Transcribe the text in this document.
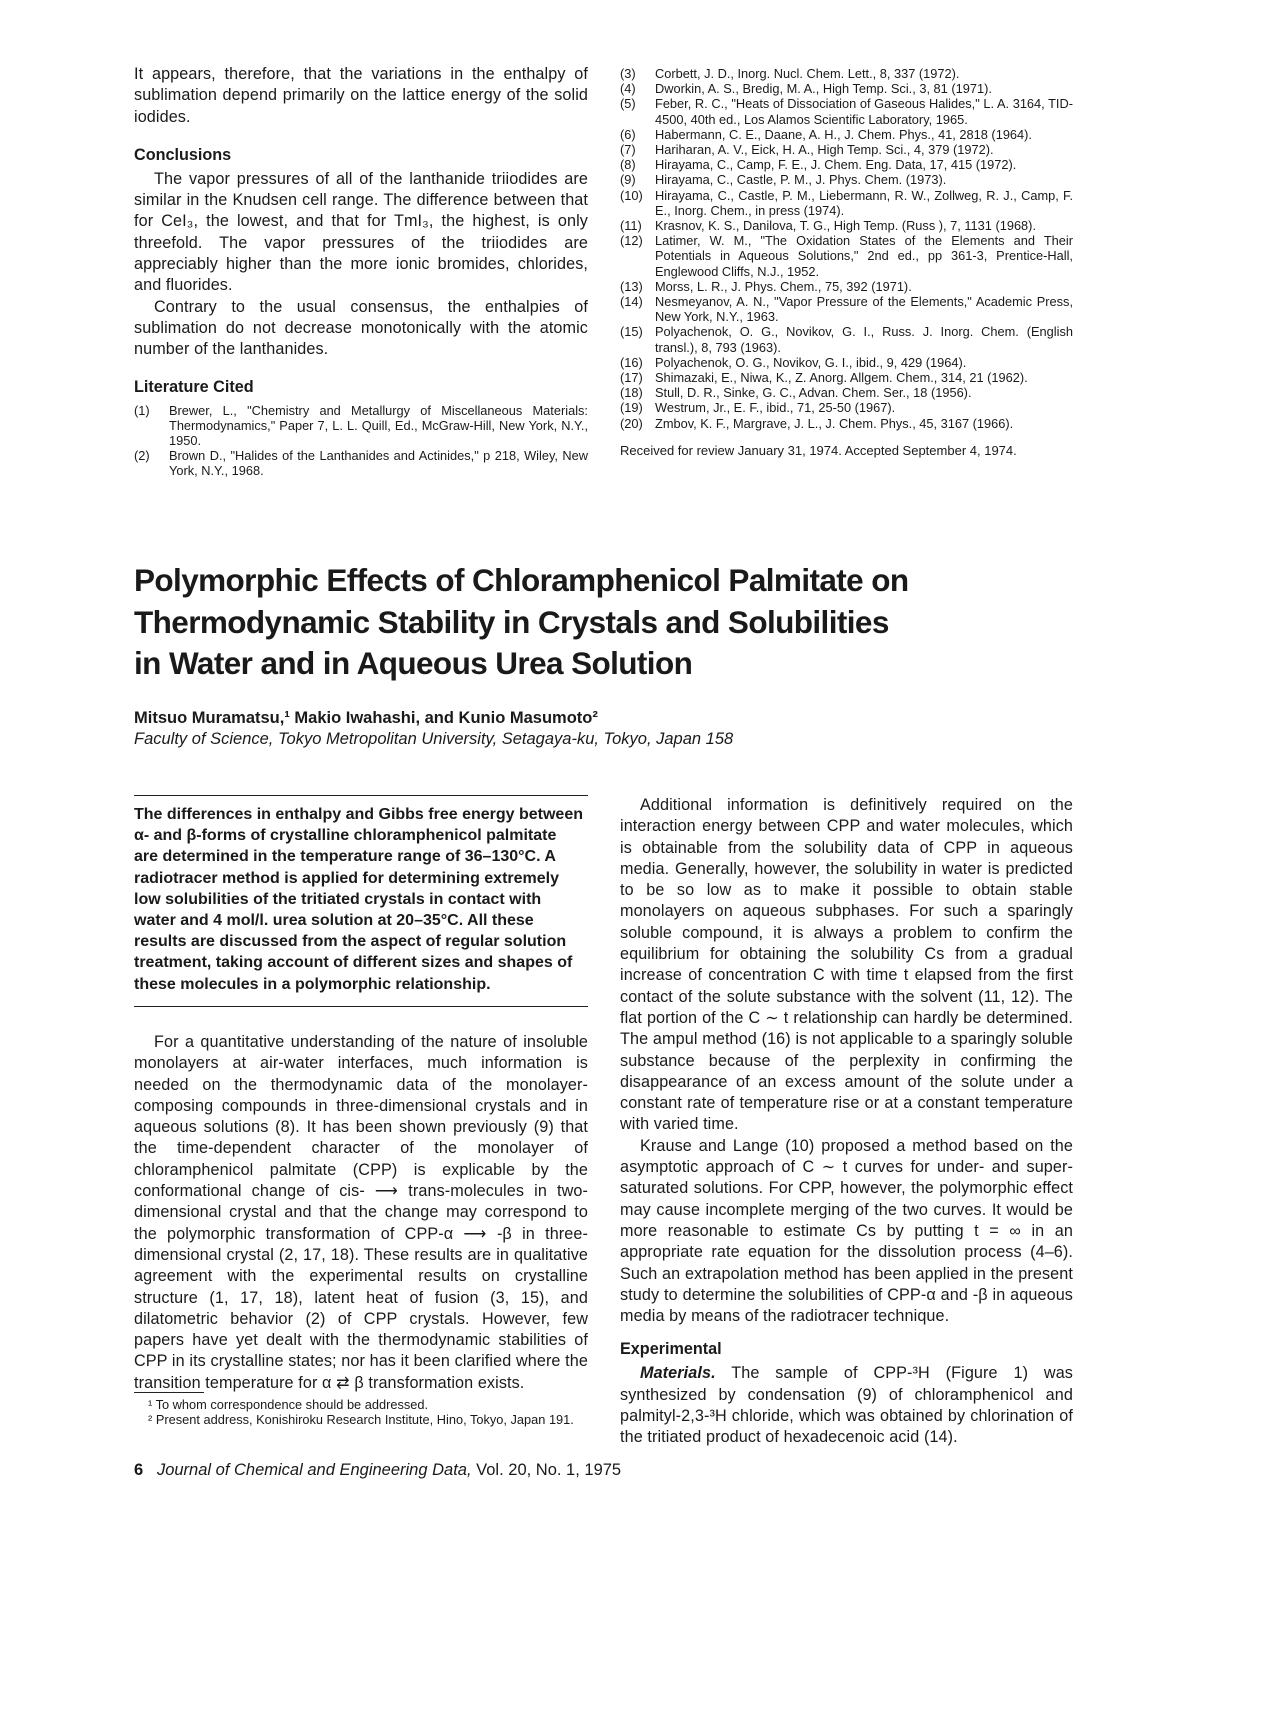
It appears, therefore, that the variations in the enthalpy of sublimation depend primarily on the lattice energy of the solid iodides.

Conclusions

The vapor pressures of all of the lanthanide triiodides are similar in the Knudsen cell range. The difference between that for CeI₃, the lowest, and that for TmI₃, the highest, is only threefold. The vapor pressures of the triiodides are appreciably higher than the more ionic bromides, chlorides, and fluorides.

Contrary to the usual consensus, the enthalpies of sublimation do not decrease monotonically with the atomic number of the lanthanides.

Literature Cited

(1) Brewer, L., "Chemistry and Metallurgy of Miscellaneous Materials: Thermodynamics," Paper 7, L. L. Quill, Ed., McGraw-Hill, New York, N.Y., 1950.
(2) Brown D., "Halides of the Lanthanides and Actinides," p 218, Wiley, New York, N.Y., 1968.
(3) Corbett, J. D., Inorg. Nucl. Chem. Lett., 8, 337 (1972).
(4) Dworkin, A. S., Bredig, M. A., High Temp. Sci., 3, 81 (1971).
(5) Feber, R. C., "Heats of Dissociation of Gaseous Halides," L. A. 3164, TID-4500, 40th ed., Los Alamos Scientific Laboratory, 1965.
(6) Habermann, C. E., Daane, A. H., J. Chem. Phys., 41, 2818 (1964).
(7) Hariharan, A. V., Eick, H. A., High Temp. Sci., 4, 379 (1972).
(8) Hirayama, C., Camp, F. E., J. Chem. Eng. Data, 17, 415 (1972).
(9) Hirayama, C., Castle, P. M., J. Phys. Chem. (1973).
(10) Hirayama, C., Castle, P. M., Liebermann, R. W., Zollweg, R. J., Camp, F. E., Inorg. Chem., in press (1974).
(11) Krasnov, K. S., Danilova, T. G., High Temp. (Russ ), 7, 1131 (1968).
(12) Latimer, W. M., "The Oxidation States of the Elements and Their Potentials in Aqueous Solutions," 2nd ed., pp 361-3, Prentice-Hall, Englewood Cliffs, N.J., 1952.
(13) Morss, L. R., J. Phys. Chem., 75, 392 (1971).
(14) Nesmeyanov, A. N., "Vapor Pressure of the Elements," Academic Press, New York, N.Y., 1963.
(15) Polyachenok, O. G., Novikov, G. I., Russ. J. Inorg. Chem. (English transl.), 8, 793 (1963).
(16) Polyachenok, O. G., Novikov, G. I., ibid., 9, 429 (1964).
(17) Shimazaki, E., Niwa, K., Z. Anorg. Allgem. Chem., 314, 21 (1962).
(18) Stull, D. R., Sinke, G. C., Advan. Chem. Ser., 18 (1956).
(19) Westrum, Jr., E. F., ibid., 71, 25-50 (1967).
(20) Zmbov, K. F., Margrave, J. L., J. Chem. Phys., 45, 3167 (1966).

Received for review January 31, 1974. Accepted September 4, 1974.

Polymorphic Effects of Chloramphenicol Palmitate on Thermodynamic Stability in Crystals and Solubilities in Water and in Aqueous Urea Solution

Mitsuo Muramatsu,¹ Makio Iwahashi, and Kunio Masumoto²

Faculty of Science, Tokyo Metropolitan University, Setagaya-ku, Tokyo, Japan 158

The differences in enthalpy and Gibbs free energy between α- and β-forms of crystalline chloramphenicol palmitate are determined in the temperature range of 36–130°C. A radiotracer method is applied for determining extremely low solubilities of the tritiated crystals in contact with water and 4 mol/l. urea solution at 20–35°C. All these results are discussed from the aspect of regular solution treatment, taking account of different sizes and shapes of these molecules in a polymorphic relationship.

For a quantitative understanding of the nature of insoluble monolayers at air-water interfaces, much information is needed on the thermodynamic data of the monolayer-composing compounds in three-dimensional crystals and in aqueous solutions (8). It has been shown previously (9) that the time-dependent character of the monolayer of chloramphenicol palmitate (CPP) is explicable by the conformational change of cis- ⟶ trans-molecules in two-dimensional crystal and that the change may correspond to the polymorphic transformation of CPP-α ⟶ -β in three-dimensional crystal (2, 17, 18). These results are in qualitative agreement with the experimental results on crystalline structure (1, 17, 18), latent heat of fusion (3, 15), and dilatometric behavior (2) of CPP crystals. However, few papers have yet dealt with the thermodynamic stabilities of CPP in its crystalline states; nor has it been clarified where the transition temperature for α ⇄ β transformation exists.

¹ To whom correspondence should be addressed.

² Present address, Konishiroku Research Institute, Hino, Tokyo, Japan 191.

Additional information is definitively required on the interaction energy between CPP and water molecules, which is obtainable from the solubility data of CPP in aqueous media. Generally, however, the solubility in water is predicted to be so low as to make it possible to obtain stable monolayers on aqueous subphases. For such a sparingly soluble compound, it is always a problem to confirm the equilibrium for obtaining the solubility Cs from a gradual increase of concentration C with time t elapsed from the first contact of the solute substance with the solvent (11, 12). The flat portion of the C ∼ t relationship can hardly be determined. The ampul method (16) is not applicable to a sparingly soluble substance because of the perplexity in confirming the disappearance of an excess amount of the solute under a constant rate of temperature rise or at a constant temperature with varied time.

Krause and Lange (10) proposed a method based on the asymptotic approach of C ∼ t curves for under- and super-saturated solutions. For CPP, however, the polymorphic effect may cause incomplete merging of the two curves. It would be more reasonable to estimate Cs by putting t = ∞ in an appropriate rate equation for the dissolution process (4–6). Such an extrapolation method has been applied in the present study to determine the solubilities of CPP-α and -β in aqueous media by means of the radiotracer technique.

Experimental

Materials. The sample of CPP-³H (Figure 1) was synthesized by condensation (9) of chloramphenicol and palmityl-2,3-³H chloride, which was obtained by chlorination of the tritiated product of hexadecenoic acid (14).

6 Journal of Chemical and Engineering Data, Vol. 20, No. 1, 1975
